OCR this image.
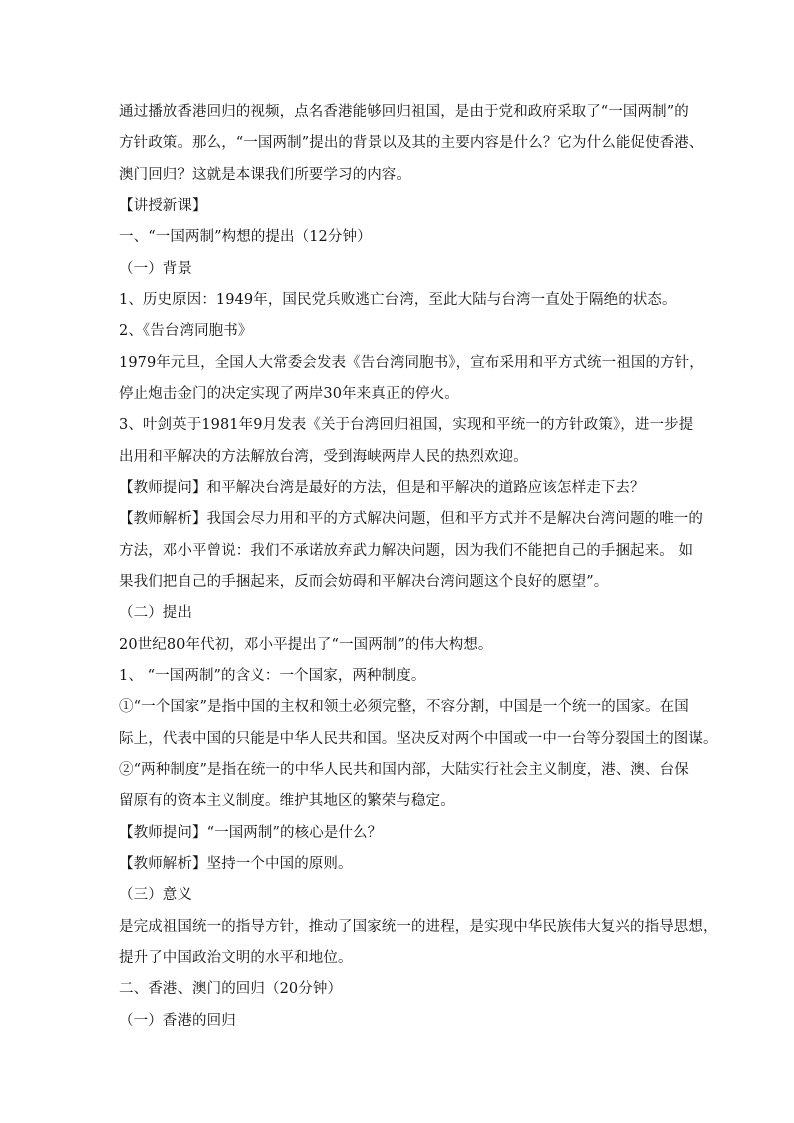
通过播放香港回归的视频，点名香港能够回归祖国，是由于党和政府采取了“一国两制”的
方针政策。那么，“一国两制”提出的背景以及其的主要内容是什么？它为什么能促使香港、
澳门回归？这就是本课我们所要学习的内容。
【讲授新课】
一、“一国两制”构想的提出（12分钟）
（一）背景
1、历史原因：1949年，国民党兵败逃亡台湾，至此大陆与台湾一直处于隔绝的状态。
2、《告台湾同胞书》
1979年元旦，全国人大常委会发表《告台湾同胞书》，宣布采用和平方式统一祖国的方针，
停止炮击金门的决定实现了两岸30年来真正的停火。
3、叶剑英于1981年9月发表《关于台湾回归祖国，实现和平统一的方针政策》，进一步提
出用和平解决的方法解放台湾，受到海峡两岸人民的热烈欢迎。
【教师提问】和平解决台湾是最好的方法，但是和平解决的道路应该怎样走下去？
【教师解析】我国会尽力用和平的方式解决问题，但和平方式并不是解决台湾问题的唯一的
方法，邓小平曾说：我们不承诺放弃武力解决问题，因为我们不能把自己的手捆起来。 如
果我们把自己的手捆起来，反而会妨碍和平解决台湾问题这个良好的愿望”。
（二）提出
20世纪80年代初，邓小平提出了“一国两制”的伟大构想。
1、 “一国两制”的含义：一个国家，两种制度。
①“一个国家”是指中国的主权和领土必须完整，不容分割，中国是一个统一的国家。在国
际上，代表中国的只能是中华人民共和国。坚决反对两个中国或一中一台等分裂国土的图谋。
②“两种制度”是指在统一的中华人民共和国内部，大陆实行社会主义制度，港、澳、台保
留原有的资本主义制度。维护其地区的繁荣与稳定。
【教师提问】“一国两制”的核心是什么？
【教师解析】坚持一个中国的原则。
（三）意义
是完成祖国统一的指导方针，推动了国家统一的进程，是实现中华民族伟大复兴的指导思想，
提升了中国政治文明的水平和地位。
二、香港、澳门的回归（20分钟）
（一）香港的回归
